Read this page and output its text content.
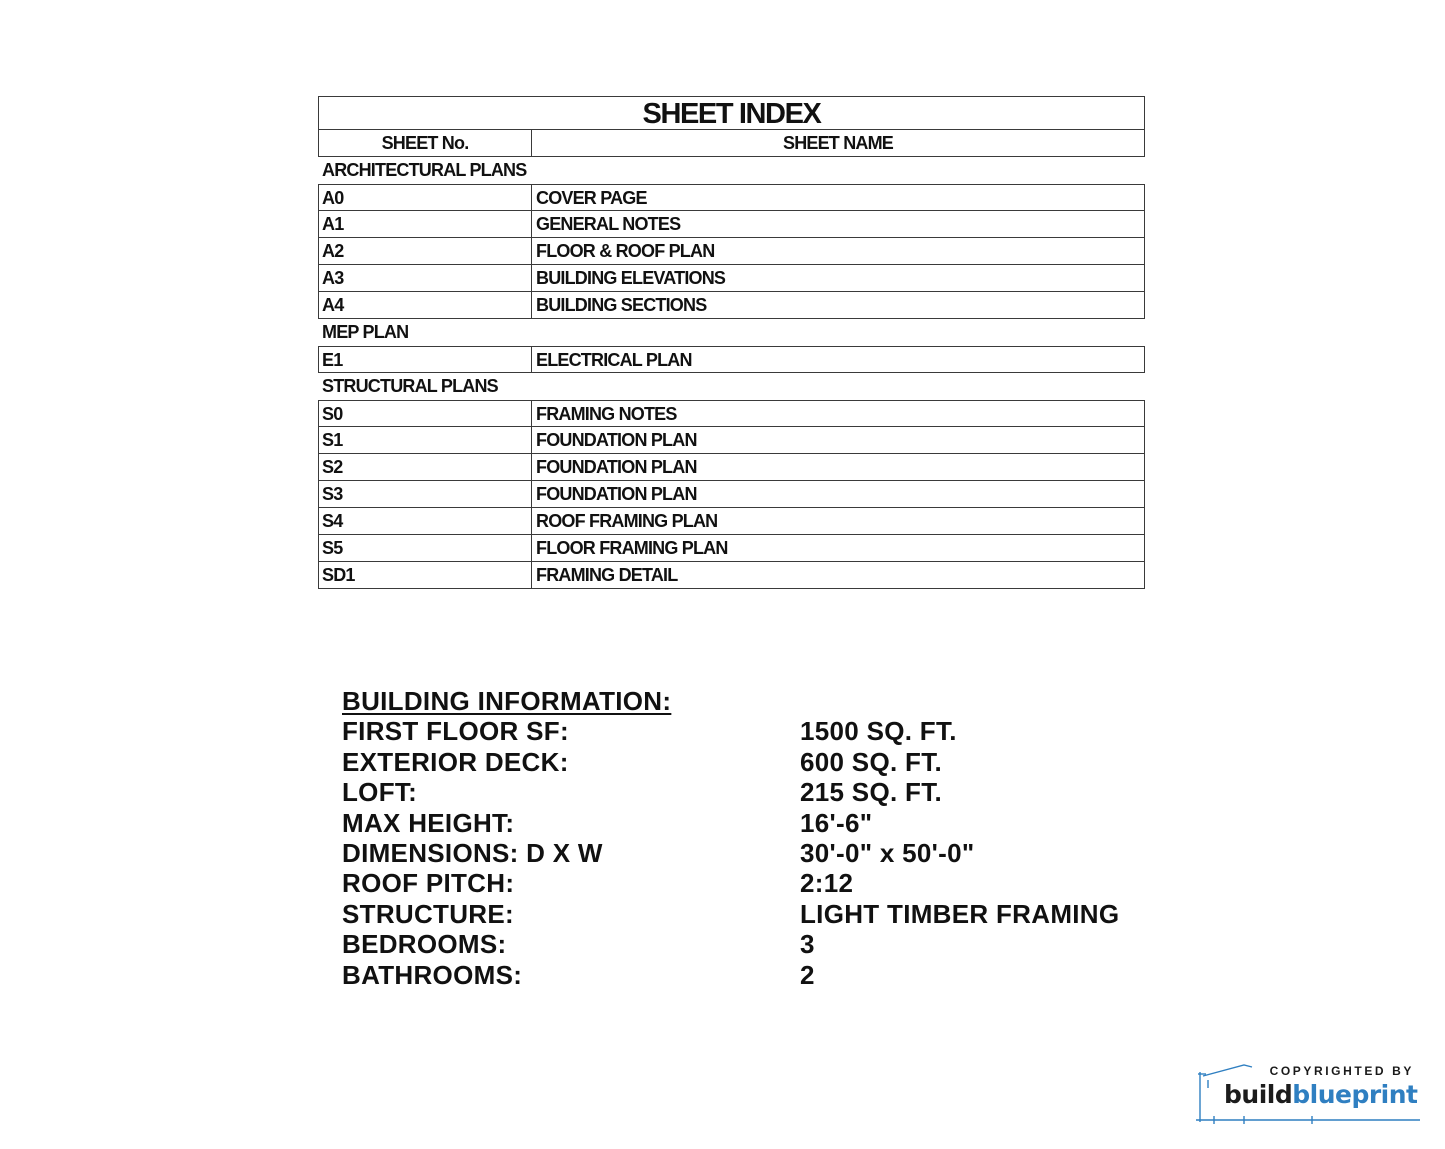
SHEET INDEX
SHEET No.	SHEET NAME
ARCHITECTURAL PLANS
A0	COVER PAGE
A1	GENERAL NOTES
A2	FLOOR & ROOF PLAN
A3	BUILDING ELEVATIONS
A4	BUILDING SECTIONS
MEP PLAN
E1	ELECTRICAL PLAN
STRUCTURAL PLANS
S0	FRAMING NOTES
S1	FOUNDATION PLAN
S2	FOUNDATION PLAN
S3	FOUNDATION PLAN
S4	ROOF FRAMING PLAN
S5	FLOOR FRAMING PLAN
SD1	FRAMING DETAIL
BUILDING INFORMATION:
FIRST FLOOR SF:	1500 SQ. FT.
EXTERIOR DECK:	600 SQ. FT.
LOFT:	215 SQ. FT.
MAX HEIGHT:	16'-6"
DIMENSIONS: D X W	30'-0" x 50'-0"
ROOF PITCH:	2:12
STRUCTURE:	LIGHT TIMBER FRAMING
BEDROOMS:	3
BATHROOMS:	2
COPYRIGHTED BY
buildblueprint
